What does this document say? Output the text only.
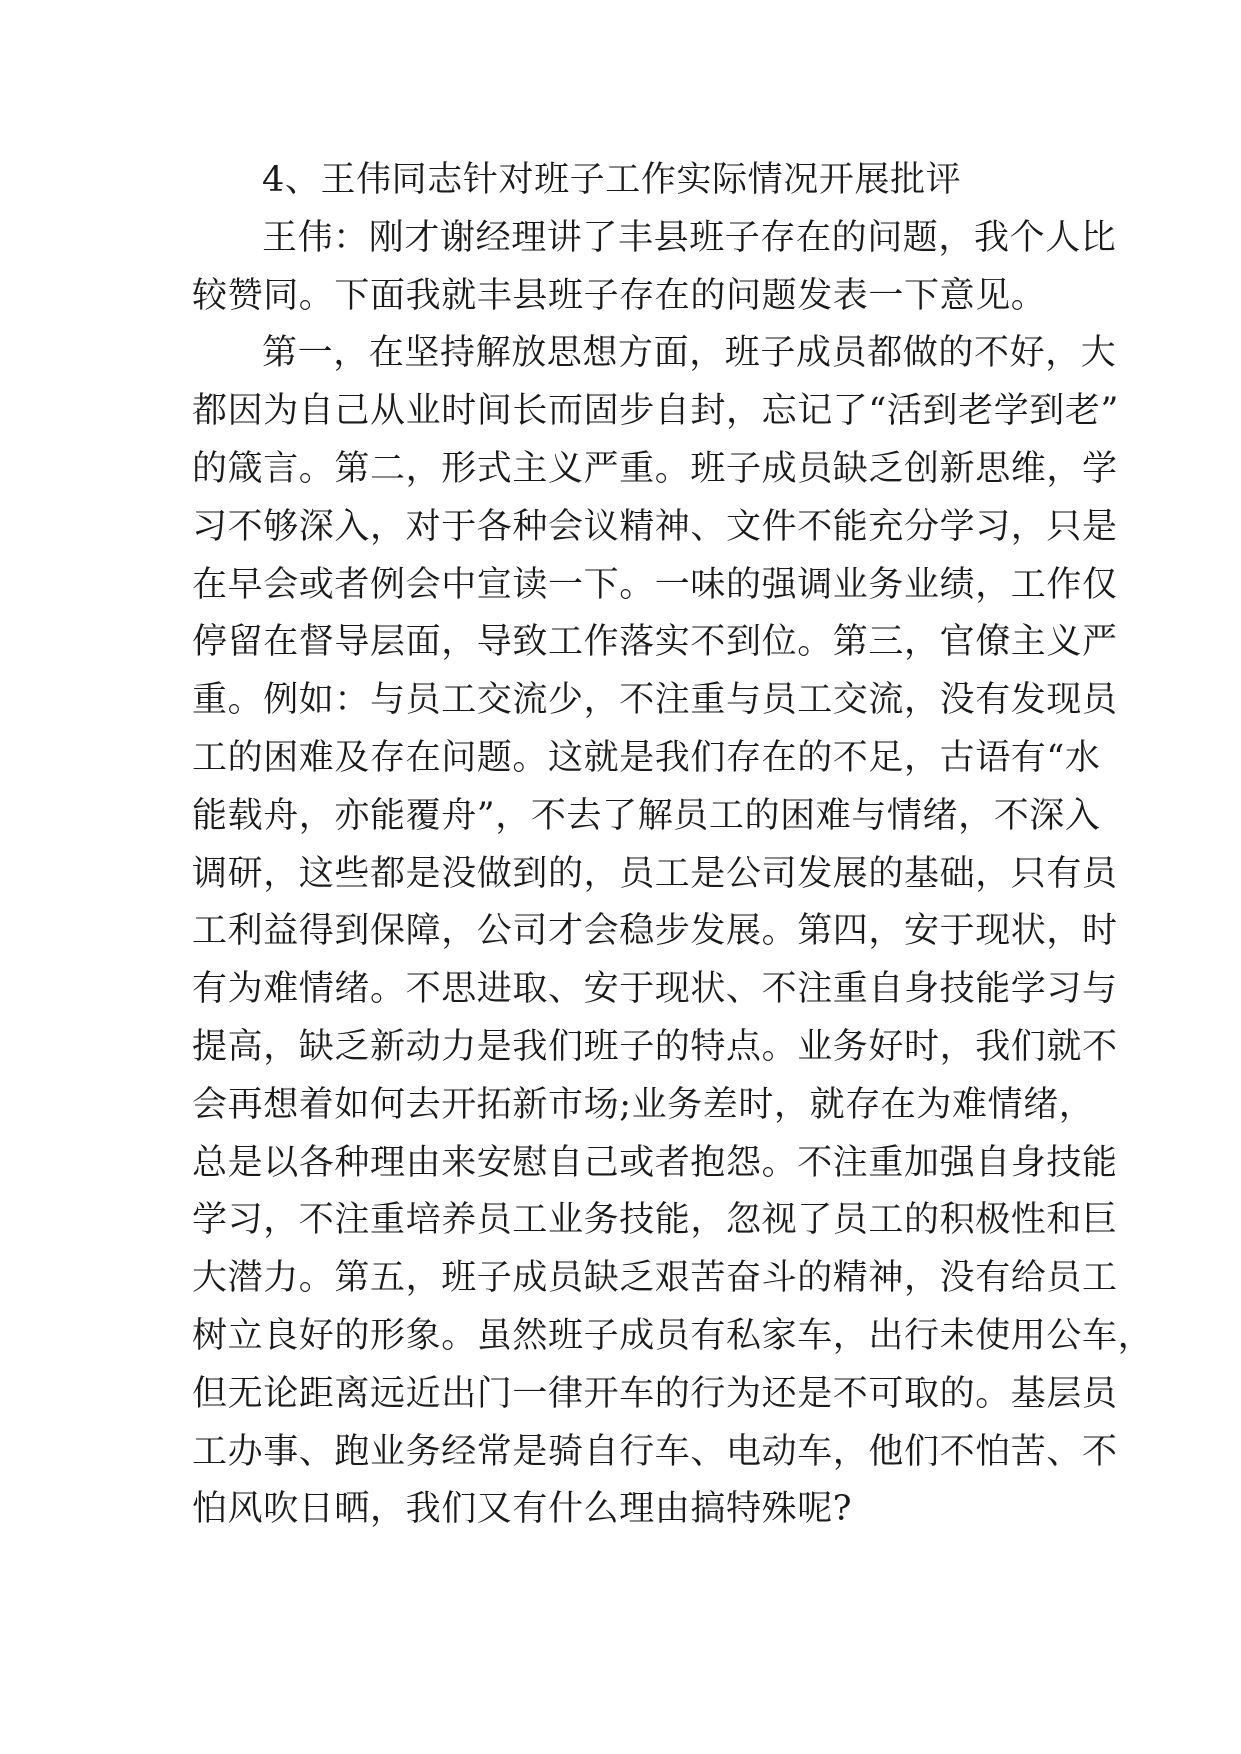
4、王伟同志针对班子工作实际情况开展批评
王伟：刚才谢经理讲了丰县班子存在的问题，我个人比
较赞同。下面我就丰县班子存在的问题发表一下意见。
第一，在坚持解放思想方面，班子成员都做的不好，大
都因为自己从业时间长而固步自封，忘记了“活到老学到老”
的箴言。第二，形式主义严重。班子成员缺乏创新思维，学
习不够深入，对于各种会议精神、文件不能充分学习，只是
在早会或者例会中宣读一下。一味的强调业务业绩，工作仅
停留在督导层面，导致工作落实不到位。第三，官僚主义严
重。例如：与员工交流少，不注重与员工交流，没有发现员
工的困难及存在问题。这就是我们存在的不足，古语有“水
能载舟，亦能覆舟”，不去了解员工的困难与情绪，不深入
调研，这些都是没做到的，员工是公司发展的基础，只有员
工利益得到保障，公司才会稳步发展。第四，安于现状，时
有为难情绪。不思进取、安于现状、不注重自身技能学习与
提高，缺乏新动力是我们班子的特点。业务好时，我们就不
会再想着如何去开拓新市场;业务差时，就存在为难情绪，
总是以各种理由来安慰自己或者抱怨。不注重加强自身技能
学习，不注重培养员工业务技能，忽视了员工的积极性和巨
大潜力。第五，班子成员缺乏艰苦奋斗的精神，没有给员工
树立良好的形象。虽然班子成员有私家车，出行未使用公车，
但无论距离远近出门一律开车的行为还是不可取的。基层员
工办事、跑业务经常是骑自行车、电动车，他们不怕苦、不
怕风吹日晒，我们又有什么理由搞特殊呢?
